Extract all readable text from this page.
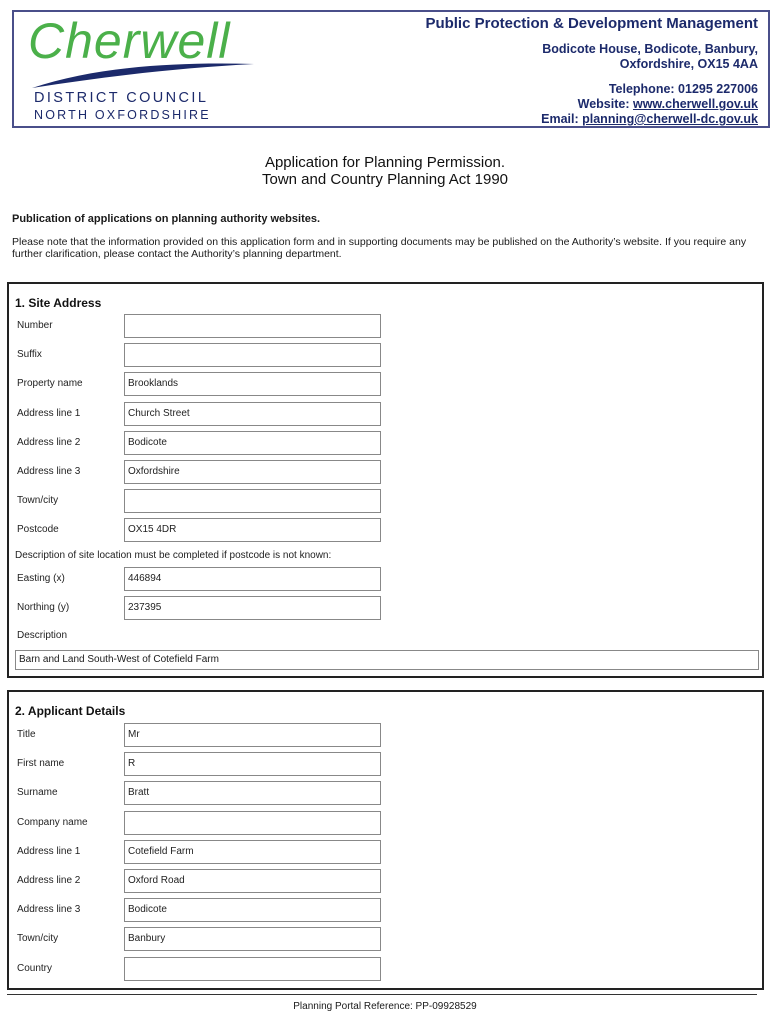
Cherwell
DISTRICT COUNCIL
NORTH OXFORDSHIRE
Public Protection & Development Management
Bodicote House, Bodicote, Banbury,
Oxfordshire, OX15 4AA
Telephone: 01295 227006
Website: www.cherwell.gov.uk
Email: planning@cherwell-dc.gov.uk
Application for Planning Permission.
Town and Country Planning Act 1990
Publication of applications on planning authority websites.
Please note that the information provided on this application form and in supporting documents may be published on the Authority’s website. If you require any further clarification, please contact the Authority’s planning department.
1. Site Address
Number
Suffix
Property name	Brooklands
Address line 1	Church Street
Address line 2	Bodicote
Address line 3	Oxfordshire
Town/city
Postcode	OX15 4DR
Description of site location must be completed if postcode is not known:
Easting (x)	446894
Northing (y)	237395
Description
Barn and Land South-West of Cotefield Farm
2. Applicant Details
Title	Mr
First name	R
Surname	Bratt
Company name
Address line 1	Cotefield Farm
Address line 2	Oxford Road
Address line 3	Bodicote
Town/city	Banbury
Country
Planning Portal Reference: PP-09928529
